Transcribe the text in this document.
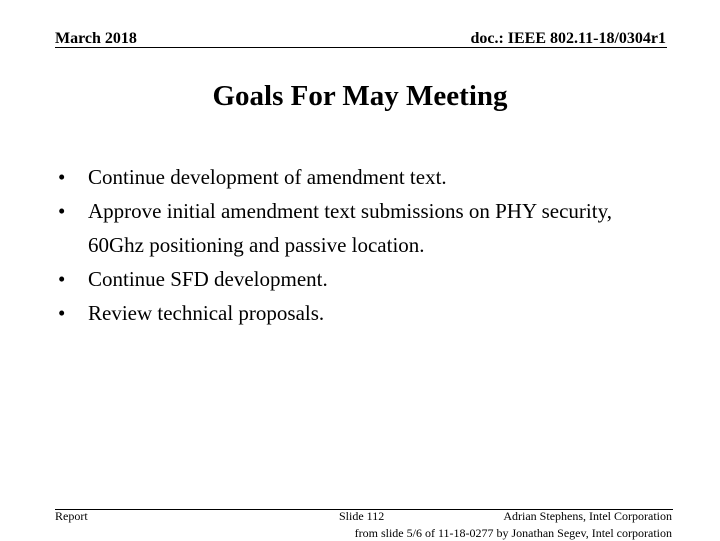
March 2018	doc.: IEEE 802.11-18/0304r1
Goals For May Meeting
• Continue development of amendment text.
• Approve initial amendment text submissions on PHY security, 60Ghz positioning and passive location.
• Continue SFD development.
• Review technical proposals.
Report	Slide 112	Adrian Stephens, Intel Corporation
from slide 5/6 of 11-18-0277 by Jonathan Segev, Intel corporation
